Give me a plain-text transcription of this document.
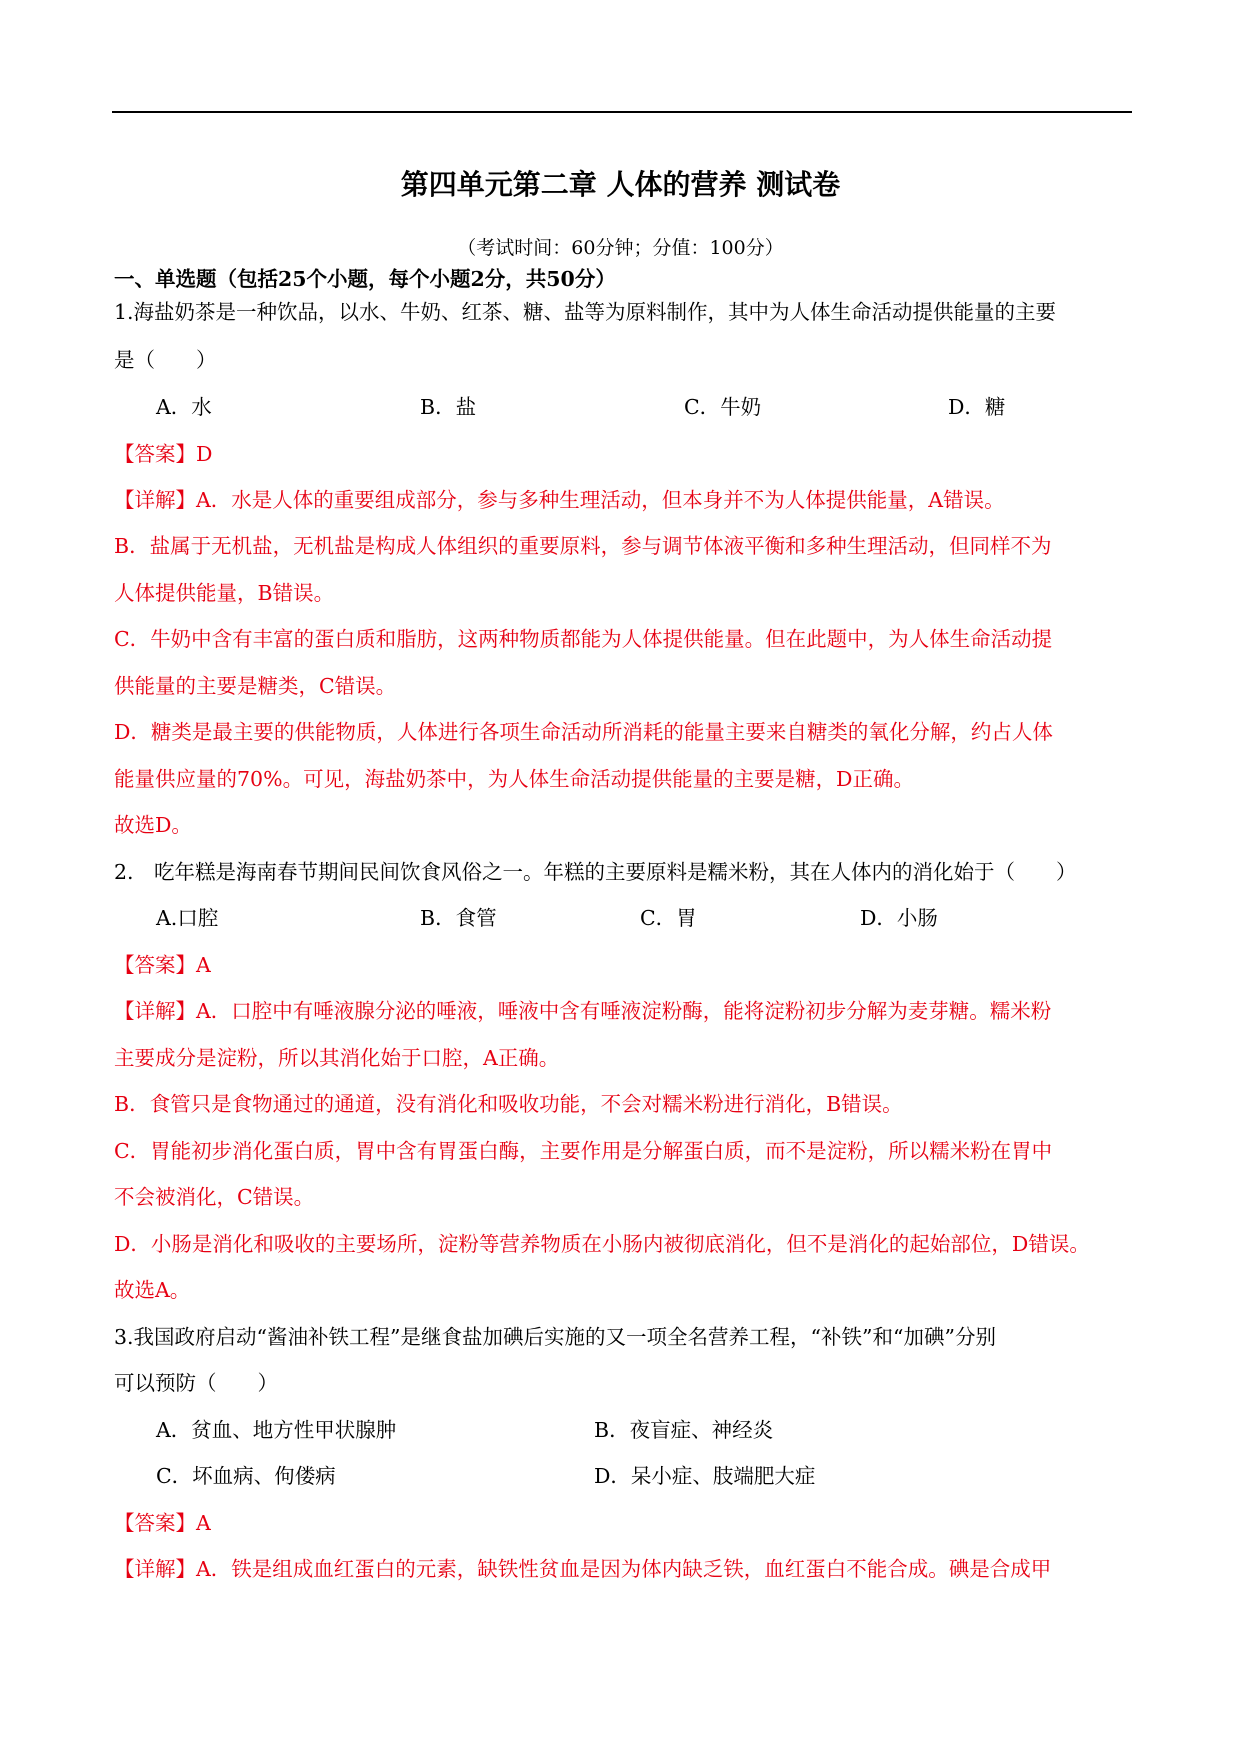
第四单元第二章 人体的营养 测试卷
（考试时间：60分钟；分值：100分）
一、单选题（包括25个小题，每个小题2分，共50分）
1.海盐奶茶是一种饮品，以水、牛奶、红茶、糖、盐等为原料制作，其中为人体生命活动提供能量的主要
是（　　）
A．水	B．盐	C．牛奶	D．糖
【答案】D
【详解】A．水是人体的重要组成部分，参与多种生理活动，但本身并不为人体提供能量，A错误。
B．盐属于无机盐，无机盐是构成人体组织的重要原料，参与调节体液平衡和多种生理活动，但同样不为
人体提供能量，B错误。
C．牛奶中含有丰富的蛋白质和脂肪，这两种物质都能为人体提供能量。但在此题中，为人体生命活动提
供能量的主要是糖类，C错误。
D．糖类是最主要的供能物质，人体进行各项生命活动所消耗的能量主要来自糖类的氧化分解，约占人体
能量供应量的70%。可见，海盐奶茶中，为人体生命活动提供能量的主要是糖，D正确。
故选D。
2.　吃年糕是海南春节期间民间饮食风俗之一。年糕的主要原料是糯米粉，其在人体内的消化始于（　　）
A.口腔	B．食管	C．胃	D．小肠
【答案】A
【详解】A．口腔中有唾液腺分泌的唾液，唾液中含有唾液淀粉酶，能将淀粉初步分解为麦芽糖。糯米粉
主要成分是淀粉，所以其消化始于口腔，A正确。
B．食管只是食物通过的通道，没有消化和吸收功能，不会对糯米粉进行消化，B错误。
C．胃能初步消化蛋白质，胃中含有胃蛋白酶，主要作用是分解蛋白质，而不是淀粉，所以糯米粉在胃中
不会被消化，C错误。
D．小肠是消化和吸收的主要场所，淀粉等营养物质在小肠内被彻底消化，但不是消化的起始部位，D错误。
故选A。
3.我国政府启动“酱油补铁工程”是继食盐加碘后实施的又一项全名营养工程，“补铁”和“加碘”分别
可以预防（　　）
A．贫血、地方性甲状腺肿	B．夜盲症、神经炎
C．坏血病、佝偻病	D．呆小症、肢端肥大症
【答案】A
【详解】A．铁是组成血红蛋白的元素，缺铁性贫血是因为体内缺乏铁，血红蛋白不能合成。碘是合成甲
